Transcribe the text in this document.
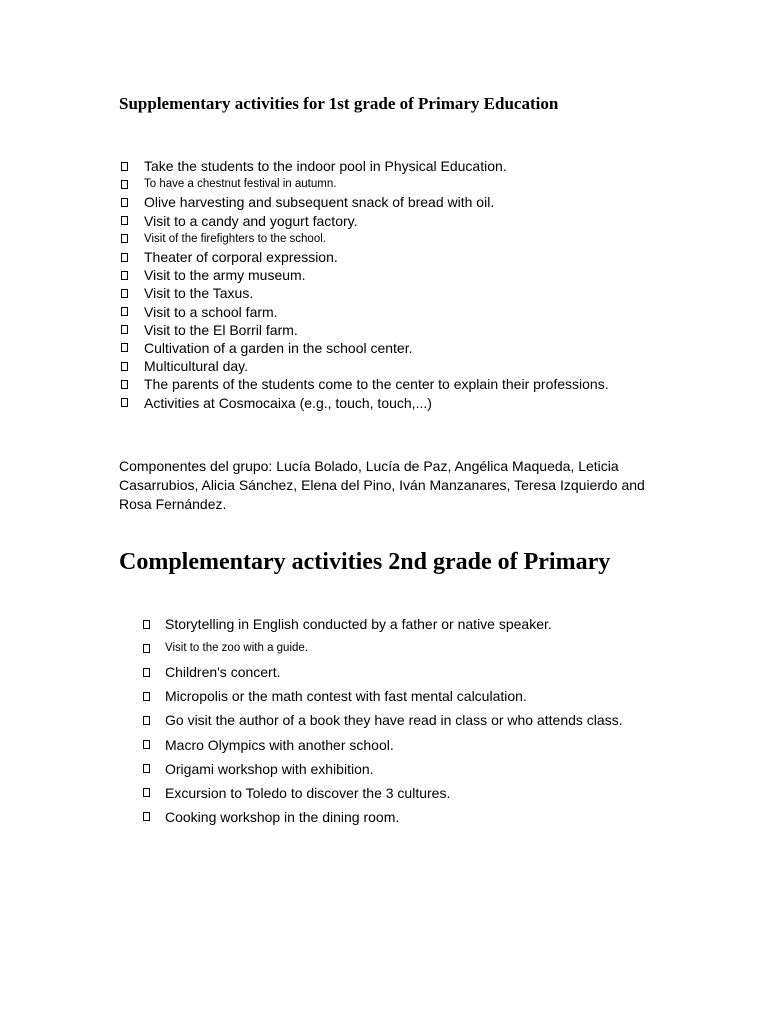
Supplementary activities for 1st grade of Primary Education
Take the students to the indoor pool in Physical Education.
To have a chestnut festival in autumn.
Olive harvesting and subsequent snack of bread with oil.
Visit to a candy and yogurt factory.
Visit of the firefighters to the school.
Theater of corporal expression.
Visit to the army museum.
Visit to the Taxus.
Visit to a school farm.
Visit to the El Borril farm.
Cultivation of a garden in the school center.
Multicultural day.
The parents of the students come to the center to explain their professions.
Activities at Cosmocaixa (e.g., touch, touch,...)

Componentes del grupo: Lucía Bolado, Lucía de Paz, Angélica Maqueda, Leticia Casarrubios, Alicia Sánchez, Elena del Pino, Iván Manzanares, Teresa Izquierdo and Rosa Fernández.

Complementary activities 2nd grade of Primary
Storytelling in English conducted by a father or native speaker.
Visit to the zoo with a guide.
Children's concert.
Micropolis or the math contest with fast mental calculation.
Go visit the author of a book they have read in class or who attends class.
Macro Olympics with another school.
Origami workshop with exhibition.
Excursion to Toledo to discover the 3 cultures.
Cooking workshop in the dining room.
